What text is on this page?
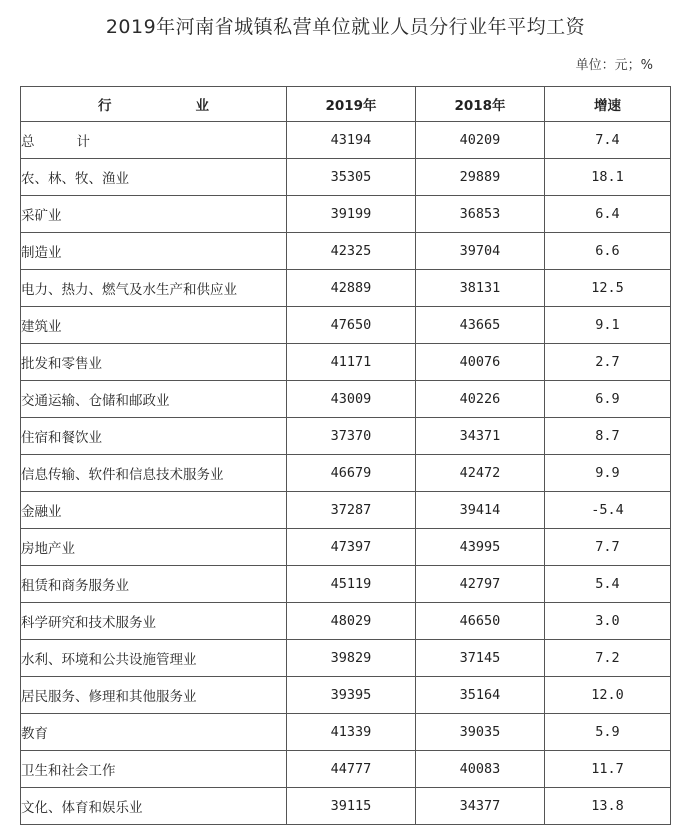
2019年河南省城镇私营单位就业人员分行业年平均工资
单位：元；%
行 业	2019年	2018年	增速
总 计	43194	40209	7.4
农、林、牧、渔业	35305	29889	18.1
采矿业	39199	36853	6.4
制造业	42325	39704	6.6
电力、热力、燃气及水生产和供应业	42889	38131	12.5
建筑业	47650	43665	9.1
批发和零售业	41171	40076	2.7
交通运输、仓储和邮政业	43009	40226	6.9
住宿和餐饮业	37370	34371	8.7
信息传输、软件和信息技术服务业	46679	42472	9.9
金融业	37287	39414	-5.4
房地产业	47397	43995	7.7
租赁和商务服务业	45119	42797	5.4
科学研究和技术服务业	48029	46650	3.0
水利、环境和公共设施管理业	39829	37145	7.2
居民服务、修理和其他服务业	39395	35164	12.0
教育	41339	39035	5.9
卫生和社会工作	44777	40083	11.7
文化、体育和娱乐业	39115	34377	13.8
